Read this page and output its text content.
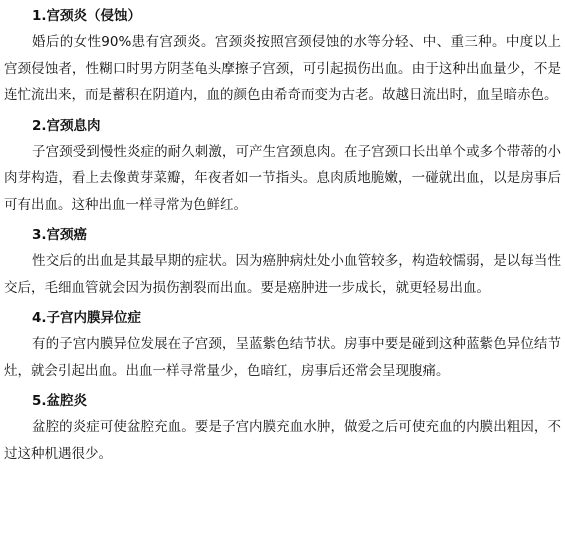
1.宫颈炎（侵蚀）

婚后的女性90%患有宫颈炎。宫颈炎按照宫颈侵蚀的水等分轻、中、重三种。中度以上宫颈侵蚀者，性糊口时男方阴茎龟头摩擦子宫颈，可引起损伤出血。由于这种出血量少，不是连忙流出来，而是蓄积在阴道内，血的颜色由希奇而变为古老。故越日流出时，血呈暗赤色。

2.宫颈息肉

子宫颈受到慢性炎症的耐久刺激，可产生宫颈息肉。在子宫颈口长出单个或多个带蒂的小肉芽构造，看上去像黄芽菜瓣，年夜者如一节指头。息肉质地脆嫩，一碰就出血，以是房事后可有出血。这种出血一样寻常为色鲜红。

3.宫颈癌

性交后的出血是其最早期的症状。因为癌肿病灶处小血管较多，构造较懦弱，是以每当性交后，毛细血管就会因为损伤割裂而出血。要是癌肿进一步成长，就更轻易出血。

4.子宫内膜异位症

有的子宫内膜异位发展在子宫颈，呈蓝紫色结节状。房事中要是碰到这种蓝紫色异位结节灶，就会引起出血。出血一样寻常量少，色暗红，房事后还常会呈现腹痛。

5.盆腔炎

盆腔的炎症可使盆腔充血。要是子宫内膜充血水肿，做爱之后可使充血的内膜出粗因，不过这种机遇很少。
